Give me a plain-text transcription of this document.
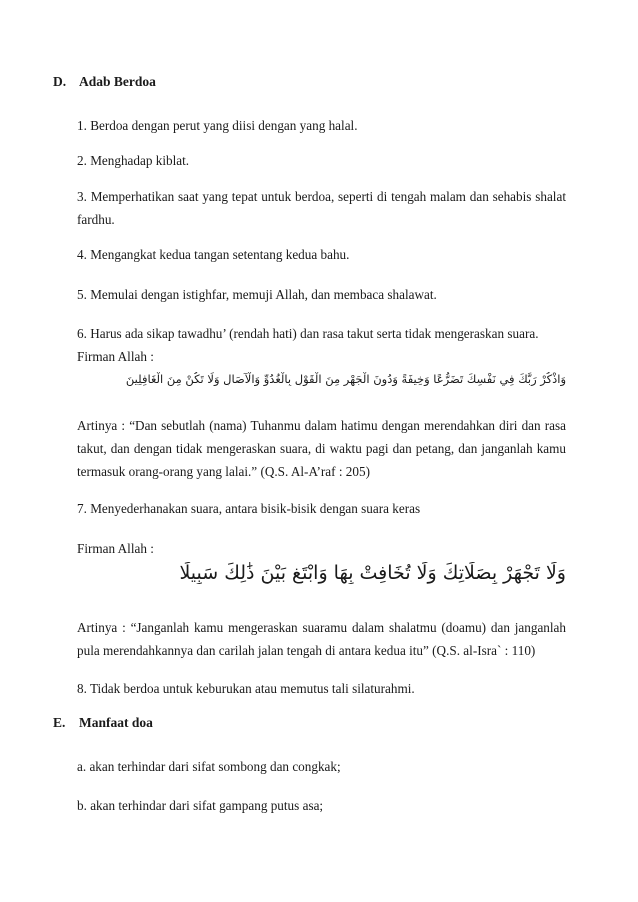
D. Adab Berdoa

1. Berdoa dengan perut yang diisi dengan yang halal.

2. Menghadap kiblat.

3. Memperhatikan saat yang tepat untuk berdoa, seperti di tengah malam dan sehabis shalat fardhu.

4. Mengangkat kedua tangan setentang kedua bahu.

5. Memulai dengan istighfar, memuji Allah, dan membaca shalawat.

6. Harus ada sikap tawadhu’ (rendah hati) dan rasa takut serta tidak mengeraskan suara.

Firman Allah :

وَاذْكُرْ رَبَّكَ فِي نَفْسِكَ تَضَرُّعًا وَخِيفَةً وَدُونَ الْجَهْرِ مِنَ الْقَوْلِ بِالْغُدُوِّ وَالْآصَالِ وَلَا تَكُنْ مِنَ الْغَافِلِينَ

Artinya : “Dan sebutlah (nama) Tuhanmu dalam hatimu dengan merendahkan diri dan rasa takut, dan dengan tidak mengeraskan suara, di waktu pagi dan petang, dan janganlah kamu termasuk orang-orang yang lalai.” (Q.S. Al-A’raf : 205)

7. Menyederhanakan suara, antara bisik-bisik dengan suara keras

Firman Allah :

وَلَا تَجْهَرْ بِصَلَاتِكَ وَلَا تُخَافِتْ بِهَا وَابْتَغِ بَيْنَ ذَٰلِكَ سَبِيلًا

Artinya : “Janganlah kamu mengeraskan suaramu dalam shalatmu (doamu) dan janganlah pula merendahkannya dan carilah jalan tengah di antara kedua itu” (Q.S. al-Isra` : 110)

8. Tidak berdoa untuk keburukan atau memutus tali silaturahmi.

E. Manfaat doa

a. akan terhindar dari sifat sombong dan congkak;

b. akan terhindar dari sifat gampang putus asa;
